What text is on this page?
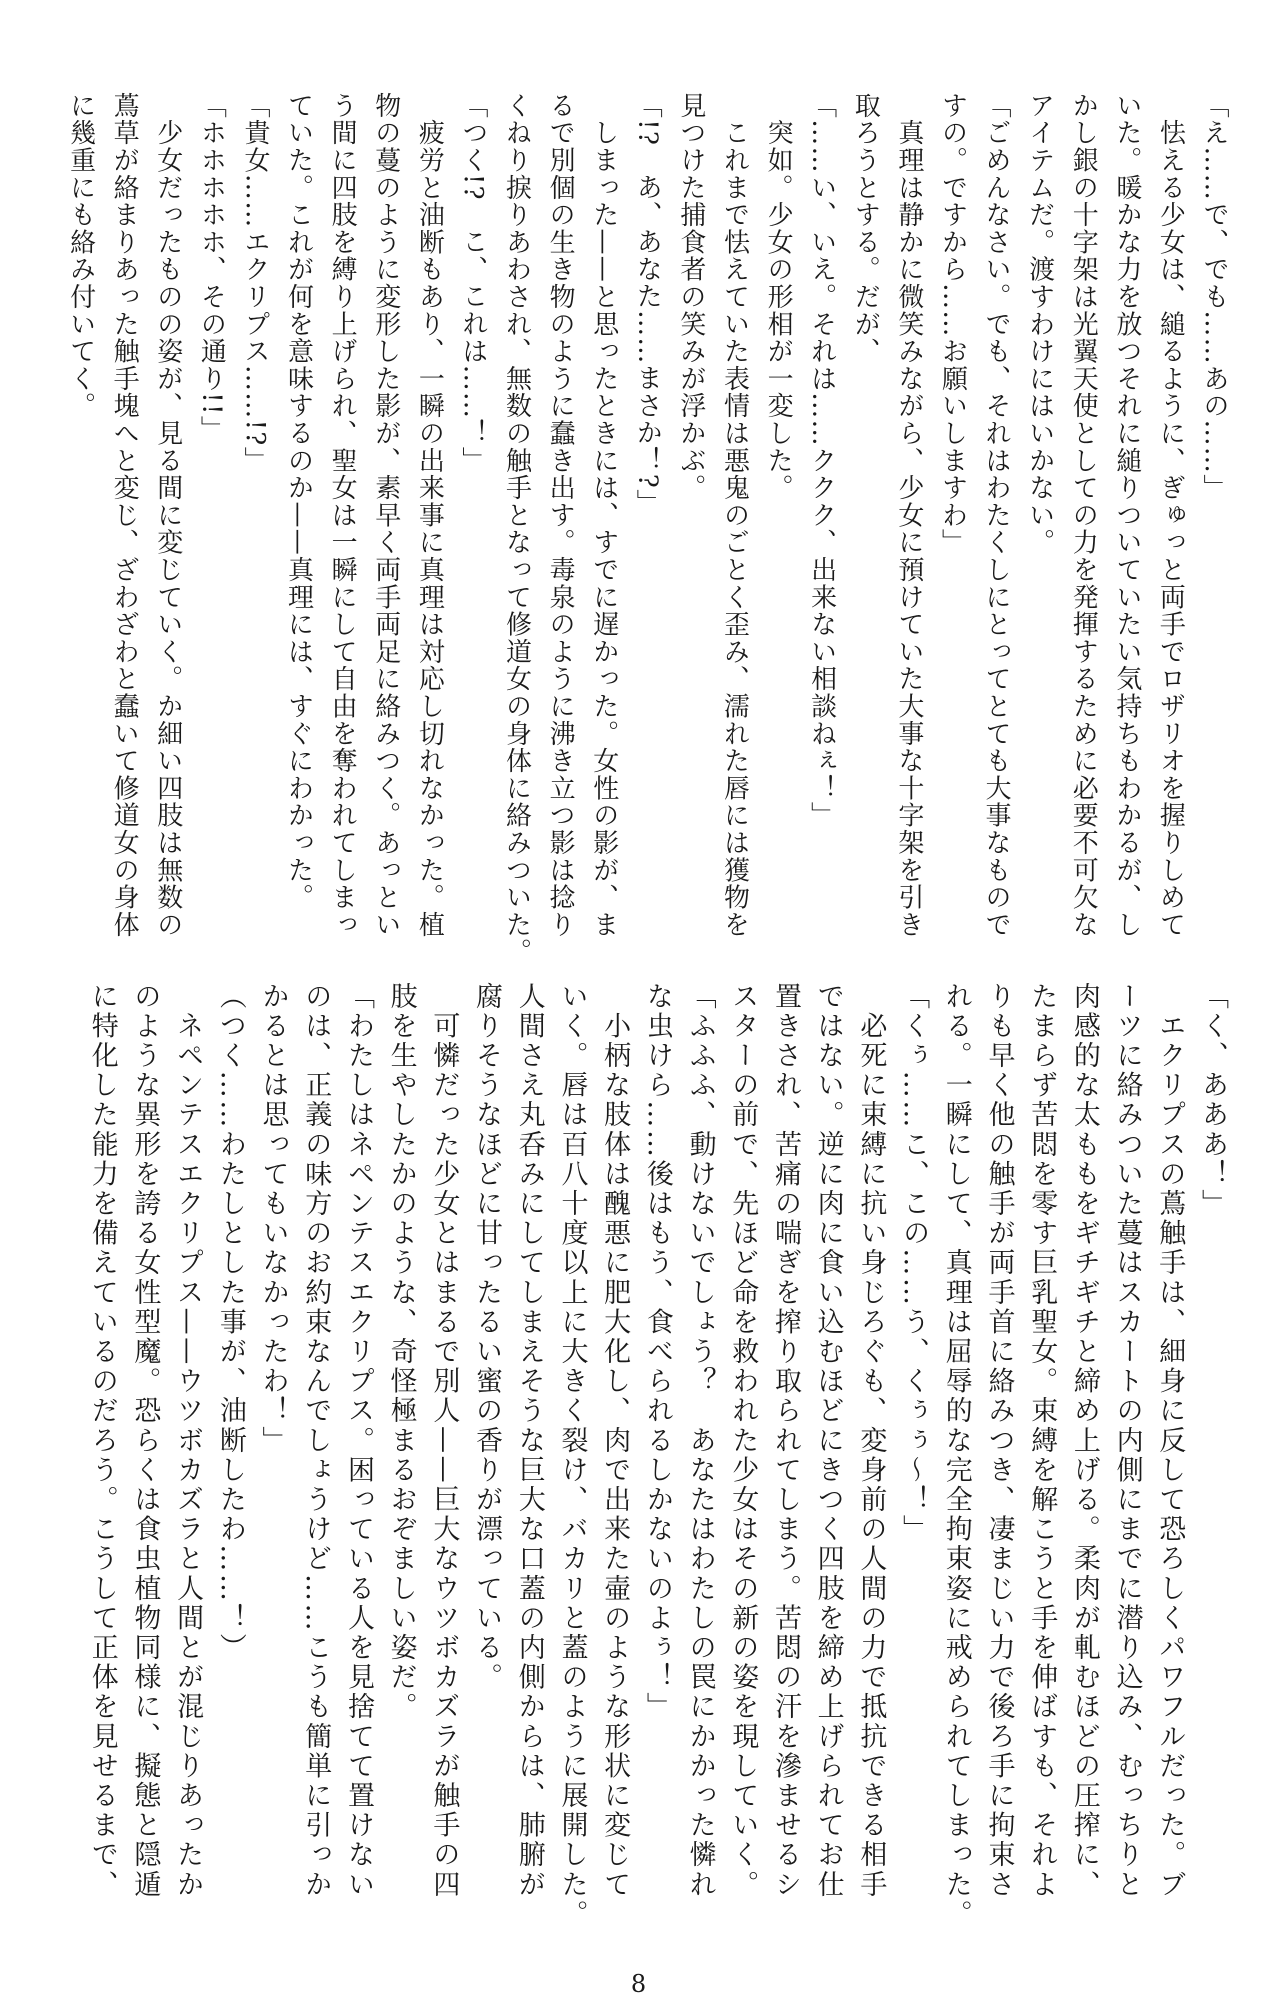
「え……で、でも……あの……」

　怯える少女は、縋るように、ぎゅっと両手でロザリオを握りしめて

いた。暖かな力を放つそれに縋りついていたい気持ちもわかるが、し

かし銀の十字架は光翼天使としての力を発揮するために必要不可欠な

アイテムだ。渡すわけにはいかない。

「ごめんなさい。でも、それはわたくしにとってとても大事なもので

すの。ですから……お願いしますわ」

　真理は静かに微笑みながら、少女に預けていた大事な十字架を引き

取ろうとする。だが、

「……い、いえ。それは……ククク、出来ない相談ねぇ！」

　突如。少女の形相が一変した。

　これまで怯えていた表情は悪鬼のごとく歪み、濡れた唇には獲物を

見つけた捕食者の笑みが浮かぶ。

「!?　あ、あなた……まさか！?」

　しまった——と思ったときには、すでに遅かった。女性の影が、ま

るで別個の生き物のように蠢き出す。毒泉のように沸き立つ影は捻り

くねり捩りあわされ、無数の触手となって修道女の身体に絡みついた。

「つく!?　こ、これは……！」

　疲労と油断もあり、一瞬の出来事に真理は対応し切れなかった。植

物の蔓のように変形した影が、素早く両手両足に絡みつく。あっとい

う間に四肢を縛り上げられ、聖女は一瞬にして自由を奪われてしまっ

ていた。これが何を意味するのか——真理には、すぐにわかった。

「貴女……エクリプス……!?」

「ホホホホホ、その通り!!」

　少女だったものの姿が、見る間に変じていく。か細い四肢は無数の

蔦草が絡まりあった触手塊へと変じ、ざわざわと蠢いて修道女の身体

に幾重にも絡み付いてく。

「く、あああ！」

　エクリプスの蔦触手は、細身に反して恐ろしくパワフルだった。ブ

ーツに絡みついた蔓はスカートの内側にまでに潜り込み、むっちりと

肉感的な太ももをギチギチと締め上げる。柔肉が軋むほどの圧搾に、

たまらず苦悶を零す巨乳聖女。束縛を解こうと手を伸ばすも、それよ

りも早く他の触手が両手首に絡みつき、凄まじい力で後ろ手に拘束さ

れる。一瞬にして、真理は屈辱的な完全拘束姿に戒められてしまった。

「くぅ……こ、この……う、くぅぅ〜！」

　必死に束縛に抗い身じろぐも、変身前の人間の力で抵抗できる相手

ではない。逆に肉に食い込むほどにきつく四肢を締め上げられてお仕

置きされ、苦痛の喘ぎを搾り取られてしまう。苦悶の汗を滲ませるシ

スターの前で、先ほど命を救われた少女はその新の姿を現していく。

「ふふふ、動けないでしょう？　あなたはわたしの罠にかかった憐れ

な虫けら……後はもう、食べられるしかないのよぅ！」

　小柄な肢体は醜悪に肥大化し、肉で出来た壷のような形状に変じて

いく。唇は百八十度以上に大きく裂け、バカリと蓋のように展開した。

人間さえ丸呑みにしてしまえそうな巨大な口蓋の内側からは、肺腑が

腐りそうなほどに甘ったるい蜜の香りが漂っている。

　可憐だった少女とはまるで別人——巨大なウツボカズラが触手の四

肢を生やしたかのような、奇怪極まるおぞましい姿だ。

「わたしはネペンテスエクリプス。困っている人を見捨てて置けない

のは、正義の味方のお約束なんでしょうけど……こうも簡単に引っか

かるとは思ってもいなかったわ！」

（つく……わたしとした事が、油断したわ……！）

　ネペンテスエクリプス——ウツボカズラと人間とが混じりあったか

のような異形を誇る女性型魔。恐らくは食虫植物同様に、擬態と隠遁

に特化した能力を備えているのだろう。こうして正体を見せるまで、

8
